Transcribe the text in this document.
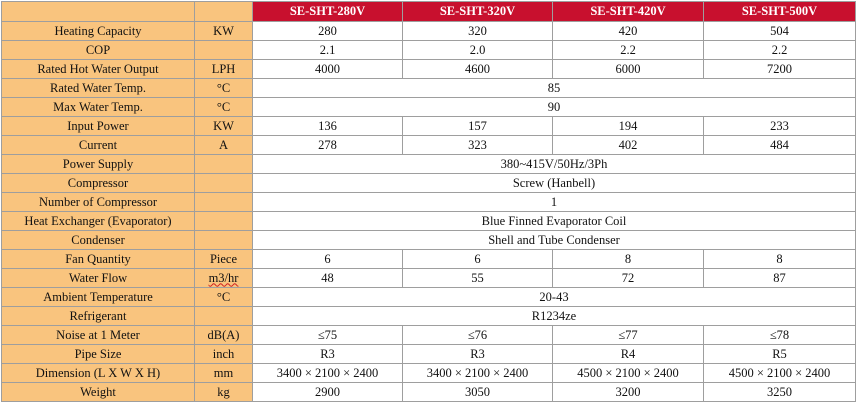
		SE-SHT-280V	SE-SHT-320V	SE-SHT-420V	SE-SHT-500V
Heating Capacity	KW	280	320	420	504
COP		2.1	2.0	2.2	2.2
Rated Hot Water Output	LPH	4000	4600	6000	7200
Rated Water Temp.	°C	85			
Max Water Temp.	°C	90			
Input Power	KW	136	157	194	233
Current	A	278	323	402	484
Power Supply		380~415V/50Hz/3Ph			
Compressor		Screw (Hanbell)			
Number of Compressor		1			
Heat Exchanger (Evaporator)		Blue Finned Evaporator Coil			
Condenser		Shell and Tube Condenser			
Fan Quantity	Piece	6	6	8	8
Water Flow	m3/hr	48	55	72	87
Ambient Temperature	°C	20-43			
Refrigerant		R1234ze			
Noise at 1 Meter	dB(A)	≤75	≤76	≤77	≤78
Pipe Size	inch	R3	R3	R4	R5
Dimension (L X W X H)	mm	3400 × 2100 × 2400	3400 × 2100 × 2400	4500 × 2100 × 2400	4500 × 2100 × 2400
Weight	kg	2900	3050	3200	3250
